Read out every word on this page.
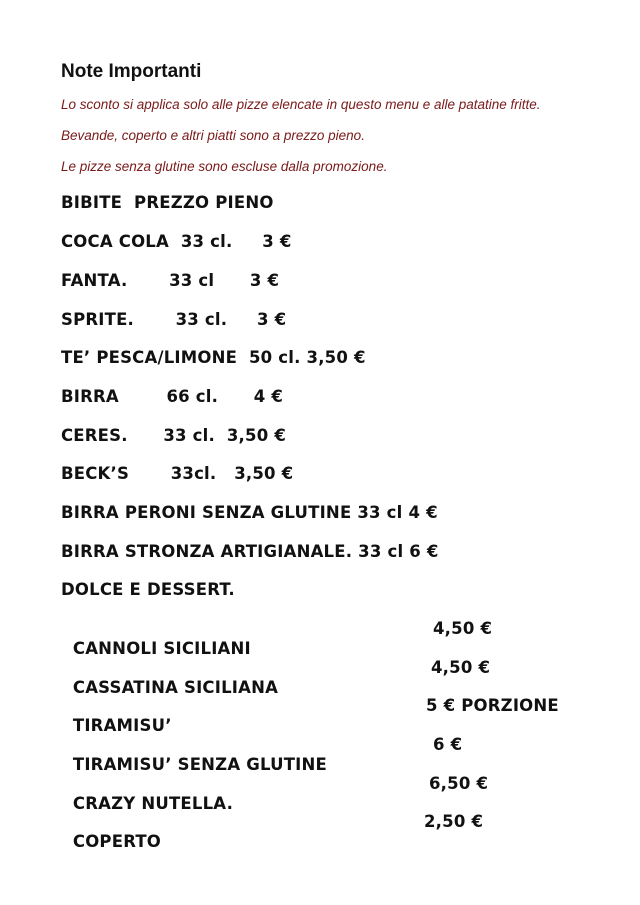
Note Importanti
Lo sconto si applica solo alle pizze elencate in questo menu e alle patatine fritte.
Bevande, coperto e altri piatti sono a prezzo pieno.
Le pizze senza glutine sono escluse dalla promozione.
BIBITE  PREZZO PIENO
COCA COLA  33 cl.     3 €
FANTA.       33 cl      3 €
SPRITE.       33 cl.     3 €
TE’ PESCA/LIMONE  50 cl. 3,50 €
BIRRA        66 cl.      4 €
CERES.      33 cl.  3,50 €
BECK’S       33cl.   3,50 €
BIRRA PERONI SENZA GLUTINE 33 cl 4 €
BIRRA STRONZA ARTIGIANALE. 33 cl 6 €
DOLCE E DESSERT.

CANNOLI SICILIANI

4,50 €

CASSATINA SICILIANA

4,50 €

TIRAMISU’

5 € PORZIONE

TIRAMISU’ SENZA GLUTINE

6 €

CRAZY NUTELLA.

6,50 €

COPERTO

2,50 €
